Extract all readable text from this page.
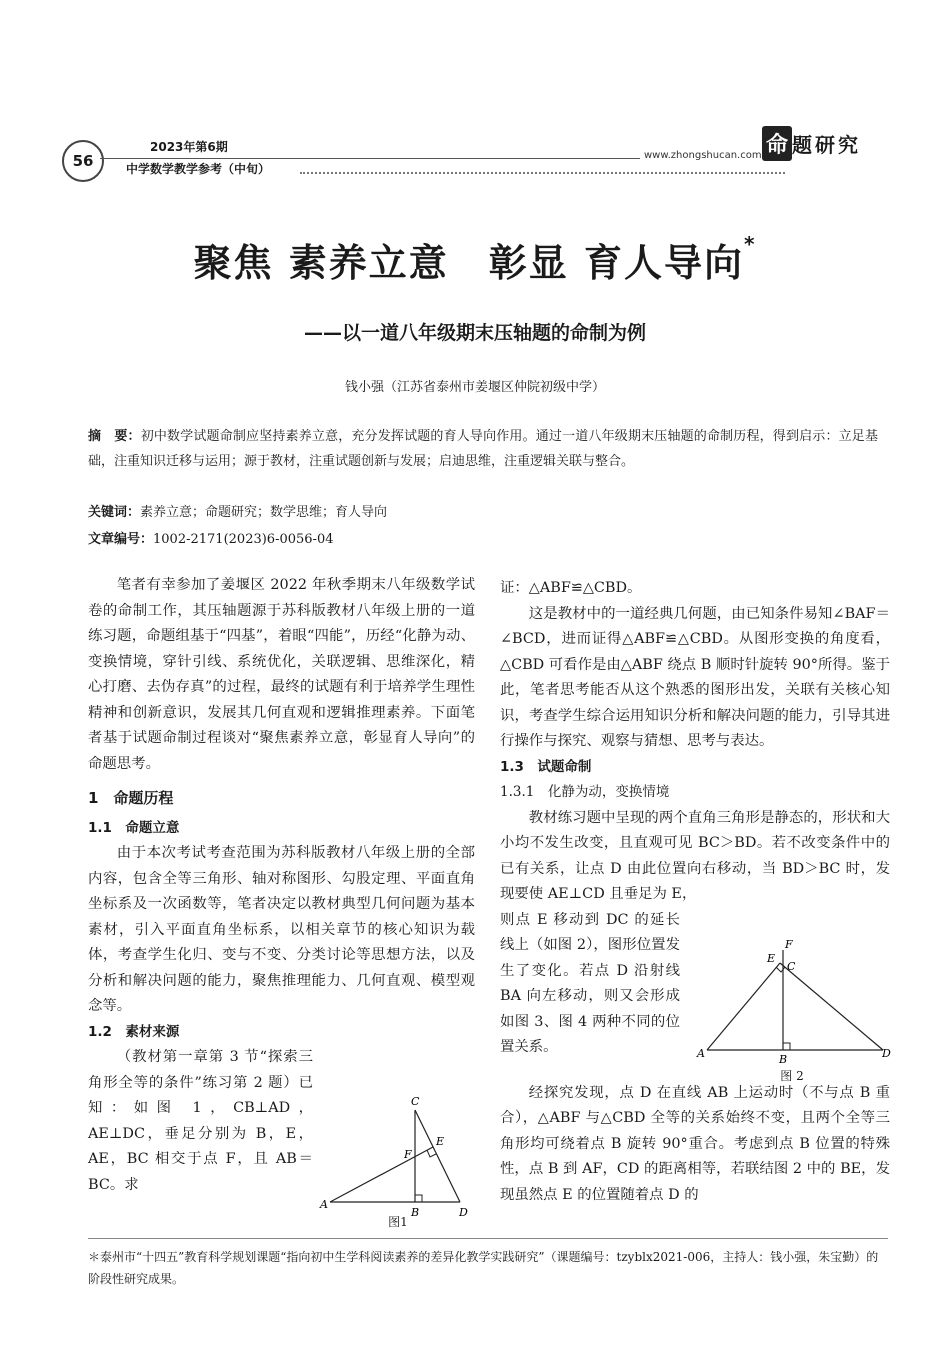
56
2023年第6期
中学数学教学参考（中旬）
www.zhongshucan.com 命 题研究
聚焦 素养立意　彰显 育人导向*
——以一道八年级期末压轴题的命制为例
钱小强（江苏省泰州市姜堰区仲院初级中学）
摘　要：初中数学试题命制应坚持素养立意，充分发挥试题的育人导向作用。通过一道八年级期末压轴题的命制历程，得到启示：立足基础，注重知识迁移与运用；源于教材，注重试题创新与发展；启迪思维，注重逻辑关联与整合。
关键词：素养立意；命题研究；数学思维；育人导向
文章编号：1002-2171(2023)6-0056-04

笔者有幸参加了姜堰区 2022 年秋季期末八年级数学试卷的命制工作，其压轴题源于苏科版教材八年级上册的一道练习题，命题组基于“四基”，着眼“四能”，历经“化静为动、变换情境，穿针引线、系统优化，关联逻辑、思维深化，精心打磨、去伪存真”的过程，最终的试题有利于培养学生理性精神和创新意识，发展其几何直观和逻辑推理素养。下面笔者基于试题命制过程谈对“聚焦素养立意，彰显育人导向”的命题思考。

1　命题历程
1.1　命题立意

由于本次考试考查范围为苏科版教材八年级上册的全部内容，包含全等三角形、轴对称图形、勾股定理、平面直角坐标系及一次函数等，笔者决定以教材典型几何问题为基本素材，引入平面直角坐标系，以相关章节的核心知识为载体，考查学生化归、变与不变、分类讨论等思想方法，以及分析和解决问题的能力，聚焦推理能力、几何直观、模型观念等。

1.2　素材来源

（教材第一章第 3 节“探索三角形全等的条件”练习第 2 题）已知：如图 1，CB⊥AD，AE⊥DC，垂足分别为 B，E，AE，BC 相交于点 F，且 AB＝BC。求

C
E
F
A
B	D
图1

证：△ABF≌△CBD。

这是教材中的一道经典几何题，由已知条件易知∠BAF＝∠BCD，进而证得△ABF≌△CBD。从图形变换的角度看，△CBD 可看作是由△ABF 绕点 B 顺时针旋转 90°所得。鉴于此，笔者思考能否从这个熟悉的图形出发，关联有关核心知识，考查学生综合运用知识分析和解决问题的能力，引导其进行操作与探究、观察与猜想、思考与表达。

1.3　试题命制
1.3.1　化静为动，变换情境

教材练习题中呈现的两个直角三角形是静态的，形状和大小均不发生改变，且直观可见 BC＞BD。若不改变条件中的已有关系，让点 D 由此位置向右移动，当 BD＞BC 时，发现要使 AE⊥CD 且垂足为 E，

则点 E 移动到 DC 的延长线上（如图 2），图形位置发生了变化。若点 D 沿射线 BA 向左移动，则又会形成如图 3、图 4 两种不同的位置关系。

经探究发现，点 D 在直线 AB 上运动时（不与点 B 重合），△ABF 与△CBD 全等的关系始终不变，且两个全等三角形均可绕着点 B 旋转 90°重合。考虑到点 B 位置的特殊性，点 B 到 AF，CD 的距离相等，若联结图 2 中的 BE，发现虽然点 E 的位置随着点 D 的

F
E
C
A	B	D
图 2
＊泰州市“十四五”教育科学规划课题“指向初中生学科阅读素养的差异化教学实践研究”（课题编号：tzyblx2021-006，主持人：钱小强，朱宝勤）的阶段性研究成果。
